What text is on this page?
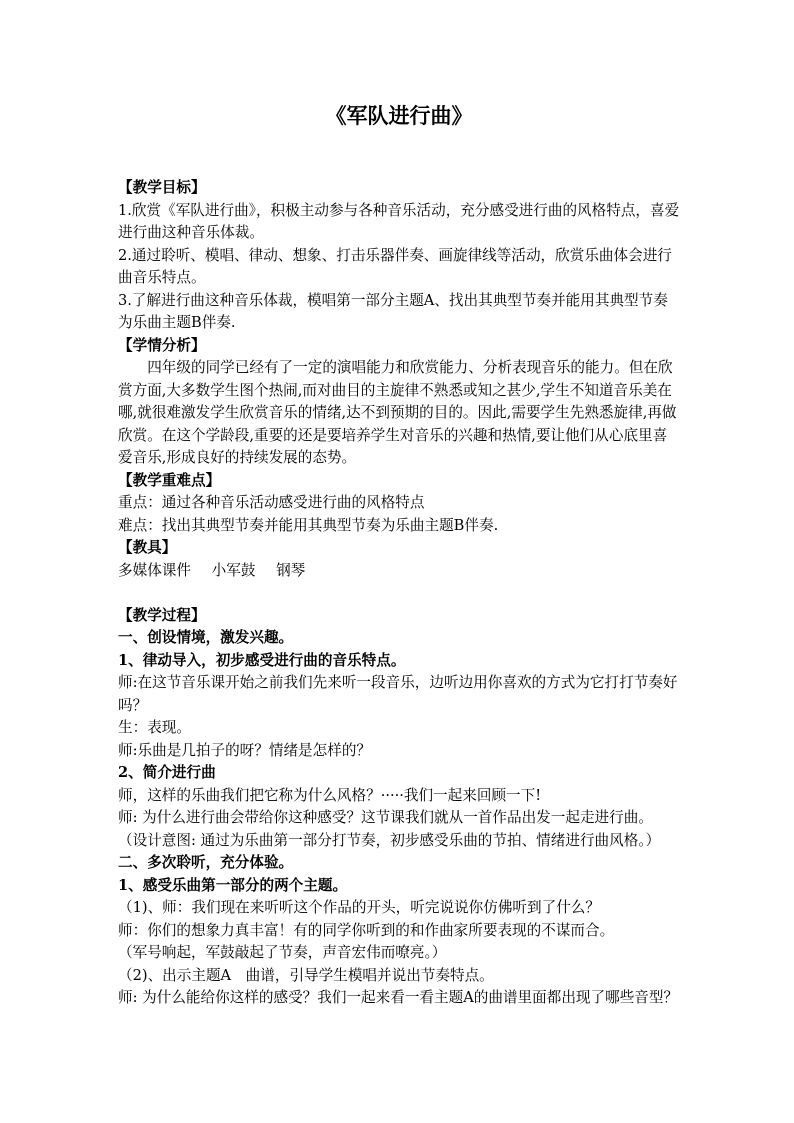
《军队进行曲》

【教学目标】

1.欣赏《军队进行曲》，积极主动参与各种音乐活动，充分感受进行曲的风格特点，喜爱进行曲这种音乐体裁。

2.通过聆听、模唱、律动、想象、打击乐器伴奏、画旋律线等活动，欣赏乐曲体会进行曲音乐特点。

3.了解进行曲这种音乐体裁，模唱第一部分主题A、找出其典型节奏并能用其典型节奏为乐曲主题B伴奏.

【学情分析】

四年级的同学已经有了一定的演唱能力和欣赏能力、分析表现音乐的能力。但在欣赏方面,大多数学生图个热闹,而对曲目的主旋律不熟悉或知之甚少,学生不知道音乐美在哪,就很难激发学生欣赏音乐的情绪,达不到预期的目的。因此,需要学生先熟悉旋律,再做欣赏。在这个学龄段,重要的还是要培养学生对音乐的兴趣和热情,要让他们从心底里喜爱音乐,形成良好的持续发展的态势。

【教学重难点】

重点：通过各种音乐活动感受进行曲的风格特点

难点：找出其典型节奏并能用其典型节奏为乐曲主题B伴奏.

【教具】

多媒体课件 小军鼓 钢琴

【教学过程】

一、创设情境，激发兴趣。

1、律动导入，初步感受进行曲的音乐特点。

师:在这节音乐课开始之前我们先来听一段音乐，边听边用你喜欢的方式为它打打节奏好吗？

生：表现。

师:乐曲是几拍子的呀？情绪是怎样的？

2、简介进行曲

师，这样的乐曲我们把它称为什么风格？·····我们一起来回顾一下!

师: 为什么进行曲会带给你这种感受？这节课我们就从一首作品出发一起走进行曲。

（设计意图: 通过为乐曲第一部分打节奏，初步感受乐曲的节拍、情绪进行曲风格。）

二、多次聆听，充分体验。

1、感受乐曲第一部分的两个主题。

（1)、师：我们现在来听听这个作品的开头，听完说说你仿佛听到了什么？

师：你们的想象力真丰富！有的同学你听到的和作曲家所要表现的不谋而合。

（军号响起，军鼓敲起了节奏，声音宏伟而嘹亮。）

（2)、出示主题A　曲谱，引导学生模唱并说出节奏特点。

师: 为什么能给你这样的感受？我们一起来看一看主题A的曲谱里面都出现了哪些音型？
